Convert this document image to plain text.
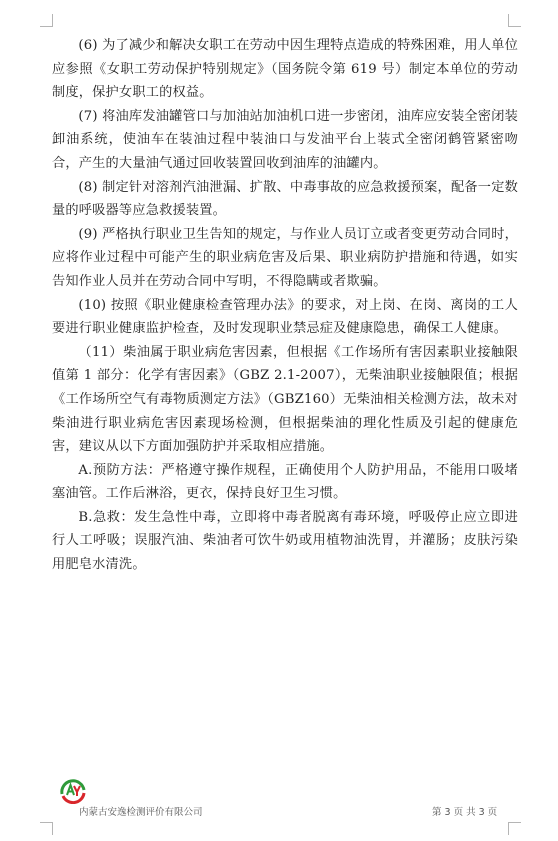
(6) 为了减少和解决女职工在劳动中因生理特点造成的特殊困难，用人单位应参照《女职工劳动保护特别规定》（国务院令第 619 号）制定本单位的劳动制度，保护女职工的权益。

(7) 将油库发油罐管口与加油站加油机口进一步密闭，油库应安装全密闭装卸油系统，使油车在装油过程中装油口与发油平台上装式全密闭鹤管紧密吻合，产生的大量油气通过回收装置回收到油库的油罐内。

(8) 制定针对溶剂汽油泄漏、扩散、中毒事故的应急救援预案，配备一定数量的呼吸器等应急救援装置。

(9) 严格执行职业卫生告知的规定，与作业人员订立或者变更劳动合同时，应将作业过程中可能产生的职业病危害及后果、职业病防护措施和待遇，如实告知作业人员并在劳动合同中写明，不得隐瞒或者欺骗。

(10) 按照《职业健康检查管理办法》的要求，对上岗、在岗、离岗的工人要进行职业健康监护检查，及时发现职业禁忌症及健康隐患，确保工人健康。

（11）柴油属于职业病危害因素，但根据《工作场所有害因素职业接触限值第 1 部分：化学有害因素》（GBZ 2.1-2007），无柴油职业接触限值；根据《工作场所空气有毒物质测定方法》（GBZ160）无柴油相关检测方法，故未对柴油进行职业病危害因素现场检测，但根据柴油的理化性质及引起的健康危害，建议从以下方面加强防护并采取相应措施。

A.预防方法：严格遵守操作规程，正确使用个人防护用品，不能用口吸堵塞油管。工作后淋浴，更衣，保持良好卫生习惯。

B.急救：发生急性中毒，立即将中毒者脱离有毒环境，呼吸停止应立即进行人工呼吸；误服汽油、柴油者可饮牛奶或用植物油洗胃，并灌肠；皮肤污染用肥皂水清洗。

内蒙古安逸检测评价有限公司	第 3 页 共 3 页
